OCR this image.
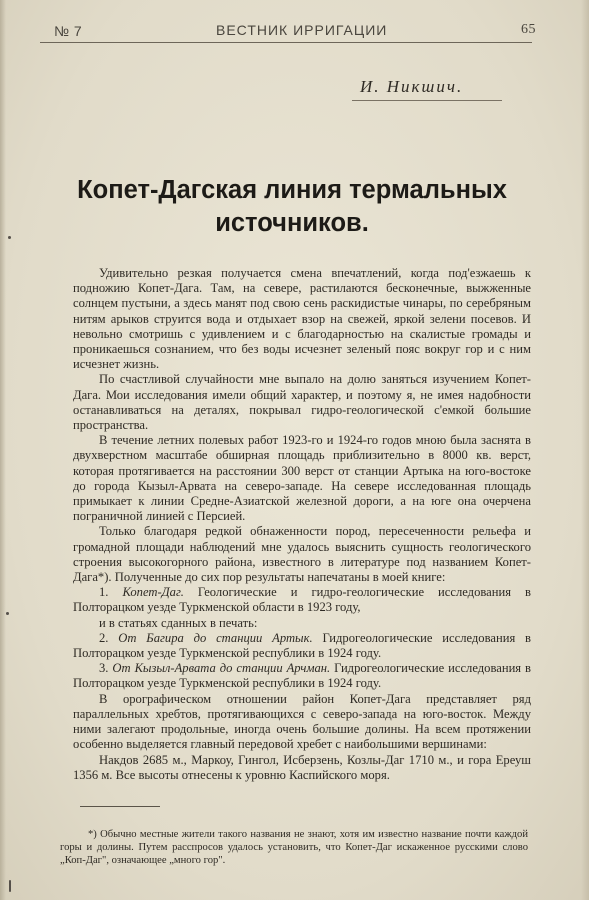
№ 7	ВЕСТНИК ИРРИГАЦИИ	65
И. Никшич.
Копет-Дагская линия термальных
источников.

Удивительно резкая получается смена впечатлений, когда под'езжаешь к подножию Копет-Дага. Там, на севере, растилаются бесконечные, выжженные солнцем пустыни, а здесь манят под свою сень раскидистые чинары, по серебряным нитям арыков струится вода и отдыхает взор на свежей, яркой зелени посевов. И невольно смотришь с удивлением и с благодарностью на скалистые громады и проникаешься сознанием, что без воды исчезнет зеленый пояс вокруг гор и с ним исчезнет жизнь.

По счастливой случайности мне выпало на долю заняться изучением Копет-Дага. Мои исследования имели общий характер, и поэтому я, не имея надобности останавливаться на деталях, покрывал гидро-геологической с'емкой большие пространства.

В течение летних полевых работ 1923-го и 1924-го годов мною была заснята в двухверстном масштабе обширная площадь приблизительно в 8000 кв. верст, которая протягивается на расстоянии 300 верст от станции Артыка на юго-востоке до города Кызыл-Арвата на северо-западе. На севере исследованная площадь примыкает к линии Средне-Азиатской железной дороги, а на юге она очерчена пограничной линией с Персией.

Только благодаря редкой обнаженности пород, пересеченности рельефа и громадной площади наблюдений мне удалось выяснить сущность геологического строения высокогорного района, известного в литературе под названием Копет-Дага*). Полученные до сих пор результаты напечатаны в моей книге:

1. Копет-Даг. Геологические и гидро-геологические исследования в Полторацком уезде Туркменской области в 1923 году,

и в статьях сданных в печать:

2. От Багира до станции Артык. Гидрогеологические исследования в Полторацком уезде Туркменской республики в 1924 году.

3. От Кызыл-Арвата до станции Арчман. Гидрогеологические исследования в Полторацком уезде Туркменской республики в 1924 году.

В орографическом отношении район Копет-Дага представляет ряд параллельных хребтов, протягивающихся с северо-запада на юго-восток. Между ними залегают продольные, иногда очень большие долины. На всем протяжении особенно выделяется главный передовой хребет с наибольшими вершинами:

Накдов 2685 м., Маркоу, Гингол, Исберзень, Козлы-Даг 1710 м., и гора Ереуш 1356 м. Все высоты отнесены к уровню Каспийского моря.

*) Обычно местные жители такого названия не знают, хотя им известно название почти каждой горы и долины. Путем расспросов удалось установить, что Копет-Даг искаженное русскими слово „Коп-Даг", означающее „много гор".
